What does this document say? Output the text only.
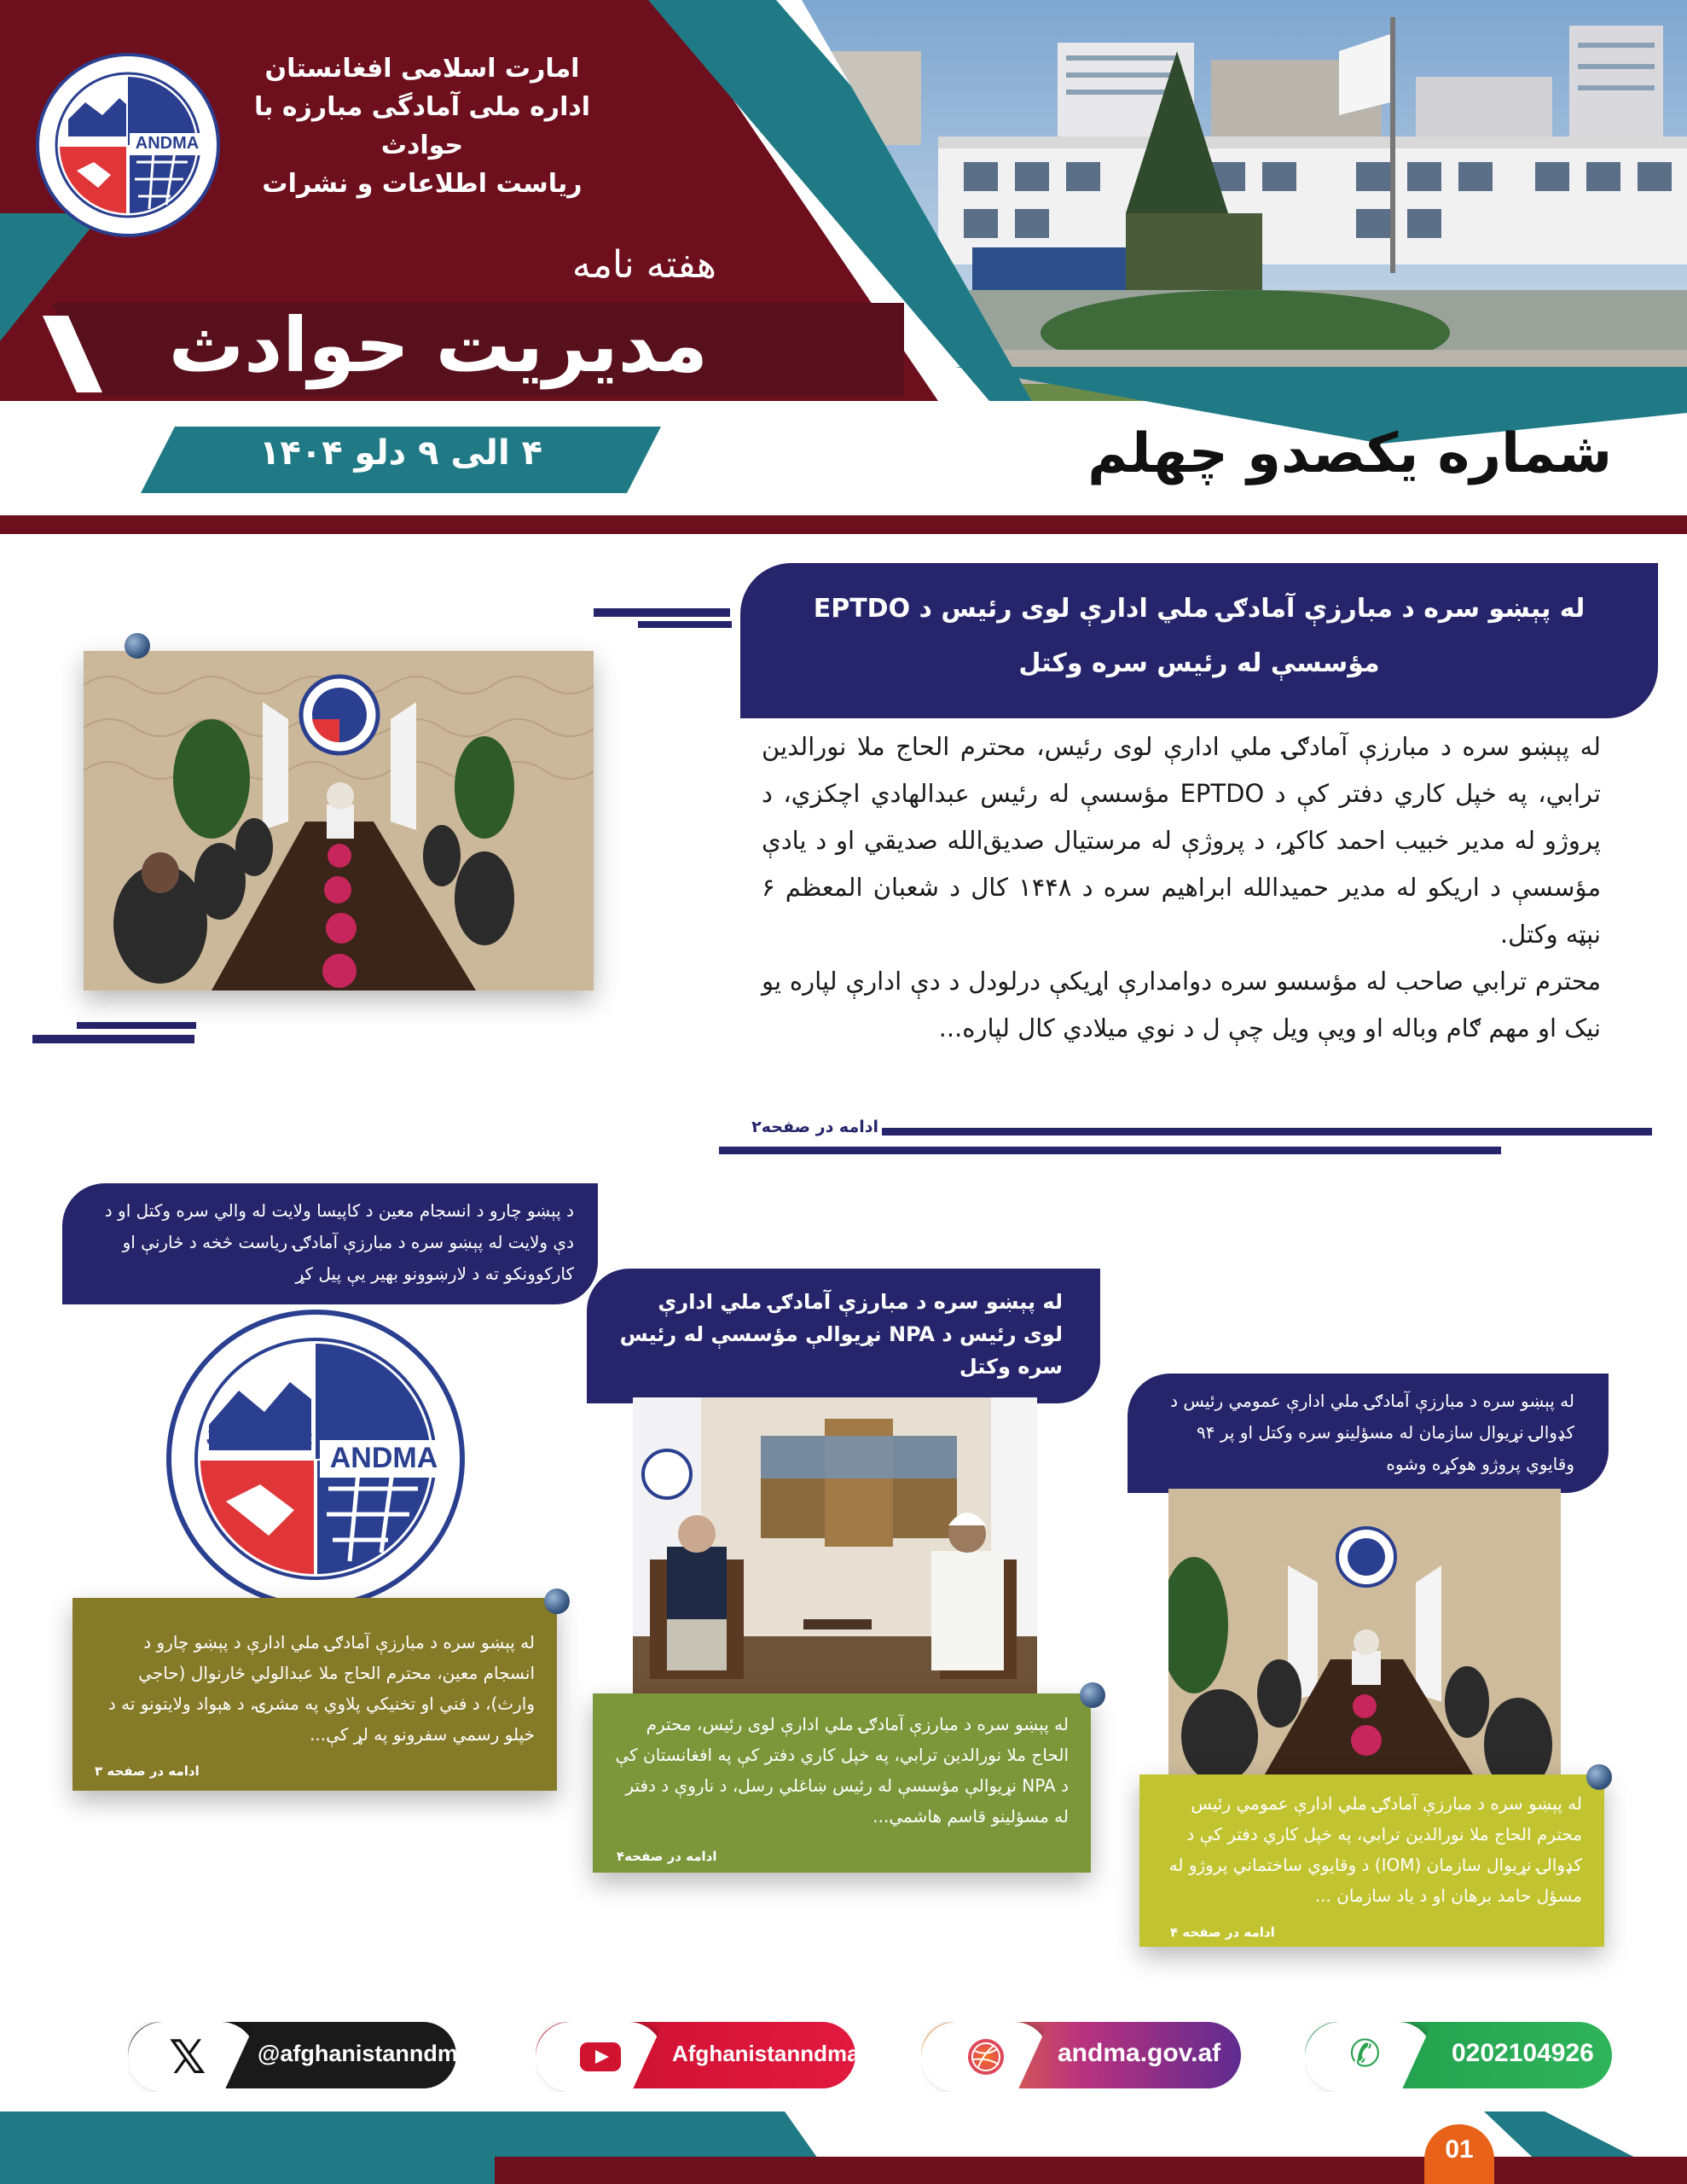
ANDMA
امارت اسلامی افغانستان
اداره ملی آمادگی مبارزه با حوادث
ریاست اطلاعات و نشرات
هفته نامه
مدیریت حوادث
۴ الی ۹ دلو ۱۴۰۴	شماره یکصدو چهلم
له پېښو سره د مبارزې آمادګۍ ملي ادارې لوی رئيس د EPTDO مؤسسې له رئيس سره وکتل

له پېښو سره د مبارزې آمادګۍ ملي ادارې لوی رئيس، محترم الحاج ملا نورالدين ترابي، په خپل کاري دفتر کې د EPTDO مؤسسې له رئيس عبدالهادي اچکزي، د پروژو له مدير خبيب احمد کاکړ، د پروژې له مرستيال صديق‌الله صديقي او د يادې مؤسسې د اريکو له مدير حميدالله ابراهيم سره د ۱۴۴۸ کال د شعبان المعظم ۶ نېټه وکتل.

محترم ترابي صاحب له مؤسسو سره دوامدارې اړيکې درلودل د دې ادارې لپاره يو نيک او مهم ګام وباله او ويې ويل چې ل د نوي ميلادي کال لپاره...

ادامه در صفحه۲
د پېښو چارو د انسجام معين د کاپيسا ولايت له والي سره وکتل او د دې ولايت له پېښو سره د مبارزې آمادګۍ رياست څخه د څارنې او کارکوونکو ته د لارښوونو بهير يې پيل کړ
ANDMA
له پېښو سره د مبارزې آمادګۍ ملي ادارې د پېښو چارو د انسجام معين، محترم الحاج ملا عبدالولي څارنوال (حاجي وارث)، د فني او تخنيکي پلاوي په مشرۍ، د هېواد ولايتونو ته د خپلو رسمي سفرونو په لړ کې...
ادامه در صفحه ۳
له پېښو سره د مبارزې آمادګۍ ملي ادارې لوی رئيس د NPA نړيوالې مؤسسې له رئيس سره وکتل
له پېښو سره د مبارزې آمادګۍ ملي ادارې لوی رئيس، محترم الحاج ملا نورالدين ترابي، په خپل کاري دفتر کې په افغانستان کې د NPA نړيوالې مؤسسې له رئيس ښاغلي رسل، د ناروې د دفتر له مسؤلينو قاسم هاشمي...
ادامه در صفحه۴
له پېښو سره د مبارزې آمادګۍ ملي ادارې عمومي رئيس د کډوالۍ نړيوال سازمان له مسؤلينو سره وکتل او پر ۹۴ وقايوي پروژو هوکړه وشوه
له پېښو سره د مبارزې آمادګۍ ملي ادارې عمومي رئيس محترم الحاج ملا نورالدين ترابي، په خپل کاري دفتر کې د کډوالۍ نړيوال سازمان (IOM) د وقايوي ساختماني پروژو له مسؤل حامد برهان او د ياد سازمان ...
ادامه در صفحه ۴
𝕏 @afghanistanndma	Afghanistanndma	andma.gov.af	✆	0202104926
01
